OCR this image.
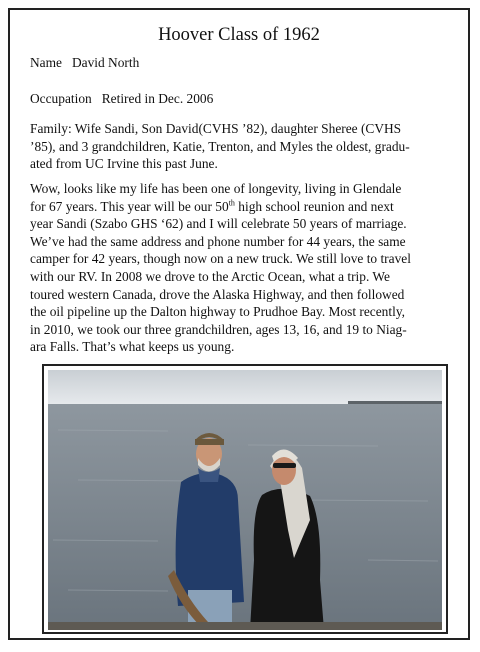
Hoover Class of 1962
Name David North
Occupation Retired in Dec. 2006
Family: Wife Sandi, Son David(CVHS ’82), daughter Sheree (CVHS
’85), and 3 grandchildren, Katie, Trenton, and Myles the oldest, gradu-
ated from UC Irvine this past June.
Wow, looks like my life has been one of longevity, living in Glendale
for 67 years. This year will be our 50th high school reunion and next
year Sandi (Szabo GHS ‘62) and I will celebrate 50 years of marriage.
We’ve had the same address and phone number for 44 years, the same
camper for 42 years, though now on a new truck. We still love to travel
with our RV. In 2008 we drove to the Arctic Ocean, what a trip. We
toured western Canada, drove the Alaska Highway, and then followed
the oil pipeline up the Dalton highway to Prudhoe Bay. Most recently,
in 2010, we took our three grandchildren, ages 13, 16, and 19 to Niag-
ara Falls. That’s what keeps us young.
